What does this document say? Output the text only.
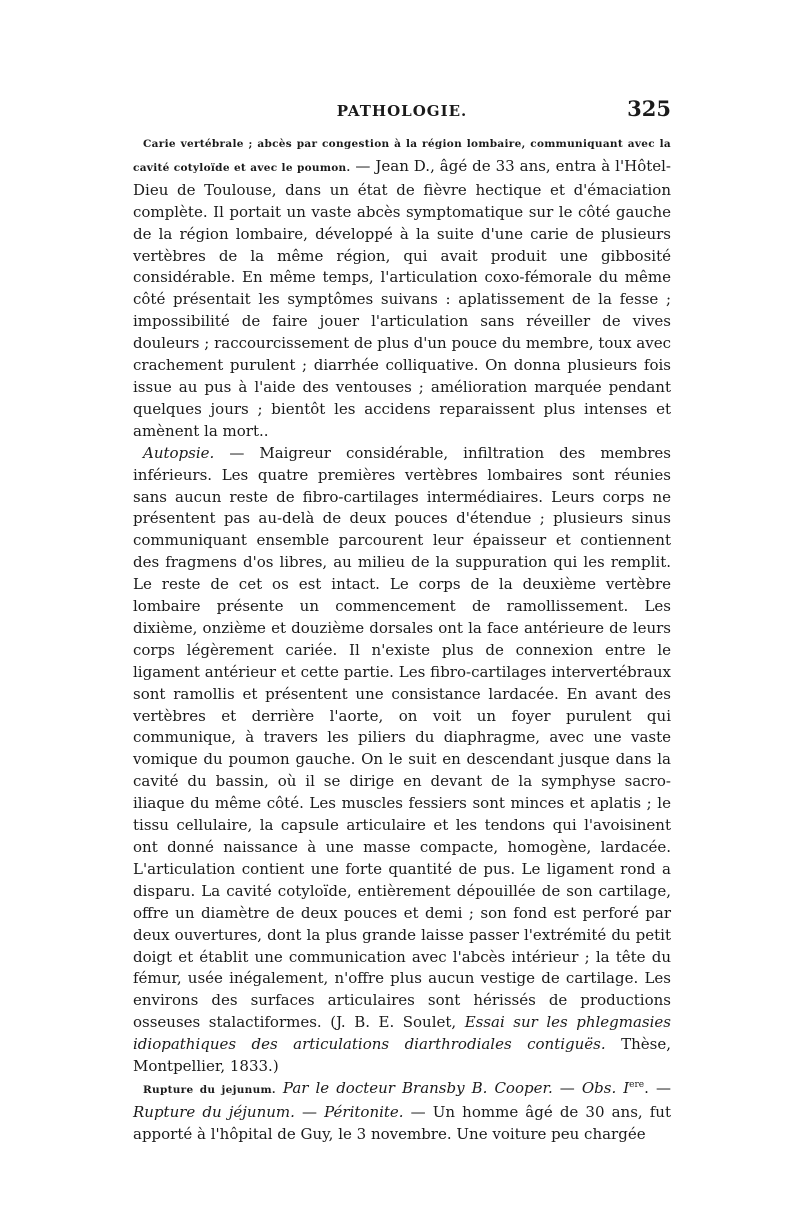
PATHOLOGIE.	325

Carie vertébrale ; abcès par congestion à la région lombaire, communiquant avec la cavité cotyloïde et avec le poumon. — Jean D., âgé de 33 ans, entra à l'Hôtel-Dieu de Toulouse, dans un état de fièvre hectique et d'émaciation complète. Il portait un vaste abcès symptomatique sur le côté gauche de la région lombaire, développé à la suite d'une carie de plusieurs vertèbres de la même région, qui avait produit une gibbosité considérable. En même temps, l'articulation coxo-fémorale du même côté présentait les symptômes suivans : aplatissement de la fesse ; impossibilité de faire jouer l'articulation sans réveiller de vives douleurs ; raccourcissement de plus d'un pouce du membre, toux avec crachement purulent ; diarrhée colliquative. On donna plusieurs fois issue au pus à l'aide des ventouses ; amélioration marquée pendant quelques jours ; bientôt les accidens reparaissent plus intenses et amènent la mort..

Autopsie. — Maigreur considérable, infiltration des membres inférieurs. Les quatre premières vertèbres lombaires sont réunies sans aucun reste de fibro-cartilages intermédiaires. Leurs corps ne présentent pas au-delà de deux pouces d'étendue ; plusieurs sinus communiquant ensemble parcourent leur épaisseur et contiennent des fragmens d'os libres, au milieu de la suppuration qui les remplit. Le reste de cet os est intact. Le corps de la deuxième vertèbre lombaire présente un commencement de ramollissement. Les dixième, onzième et douzième dorsales ont la face antérieure de leurs corps légèrement cariée. Il n'existe plus de connexion entre le ligament antérieur et cette partie. Les fibro-cartilages intervertébraux sont ramollis et présentent une consistance lardacée. En avant des vertèbres et derrière l'aorte, on voit un foyer purulent qui communique, à travers les piliers du diaphragme, avec une vaste vomique du poumon gauche. On le suit en descendant jusque dans la cavité du bassin, où il se dirige en devant de la symphyse sacro-iliaque du même côté. Les muscles fessiers sont minces et aplatis ; le tissu cellulaire, la capsule articulaire et les tendons qui l'avoisinent ont donné naissance à une masse compacte, homogène, lardacée. L'articulation contient une forte quantité de pus. Le ligament rond a disparu. La cavité cotyloïde, entièrement dépouillée de son cartilage, offre un diamètre de deux pouces et demi ; son fond est perforé par deux ouvertures, dont la plus grande laisse passer l'extrémité du petit doigt et établit une communication avec l'abcès intérieur ; la tête du fémur, usée inégalement, n'offre plus aucun vestige de cartilage. Les environs des surfaces articulaires sont hérissés de productions osseuses stalactiformes. (J. B. E. Soulet, Essai sur les phlegmasies idiopathiques des articulations diarthrodiales contiguës. Thèse, Montpellier, 1833.)

Rupture du jejunum. Par le docteur Bransby B. Cooper. — Obs. Iere. — Rupture du jéjunum. — Péritonite. — Un homme âgé de 30 ans, fut apporté à l'hôpital de Guy, le 3 novembre. Une voiture peu chargée
